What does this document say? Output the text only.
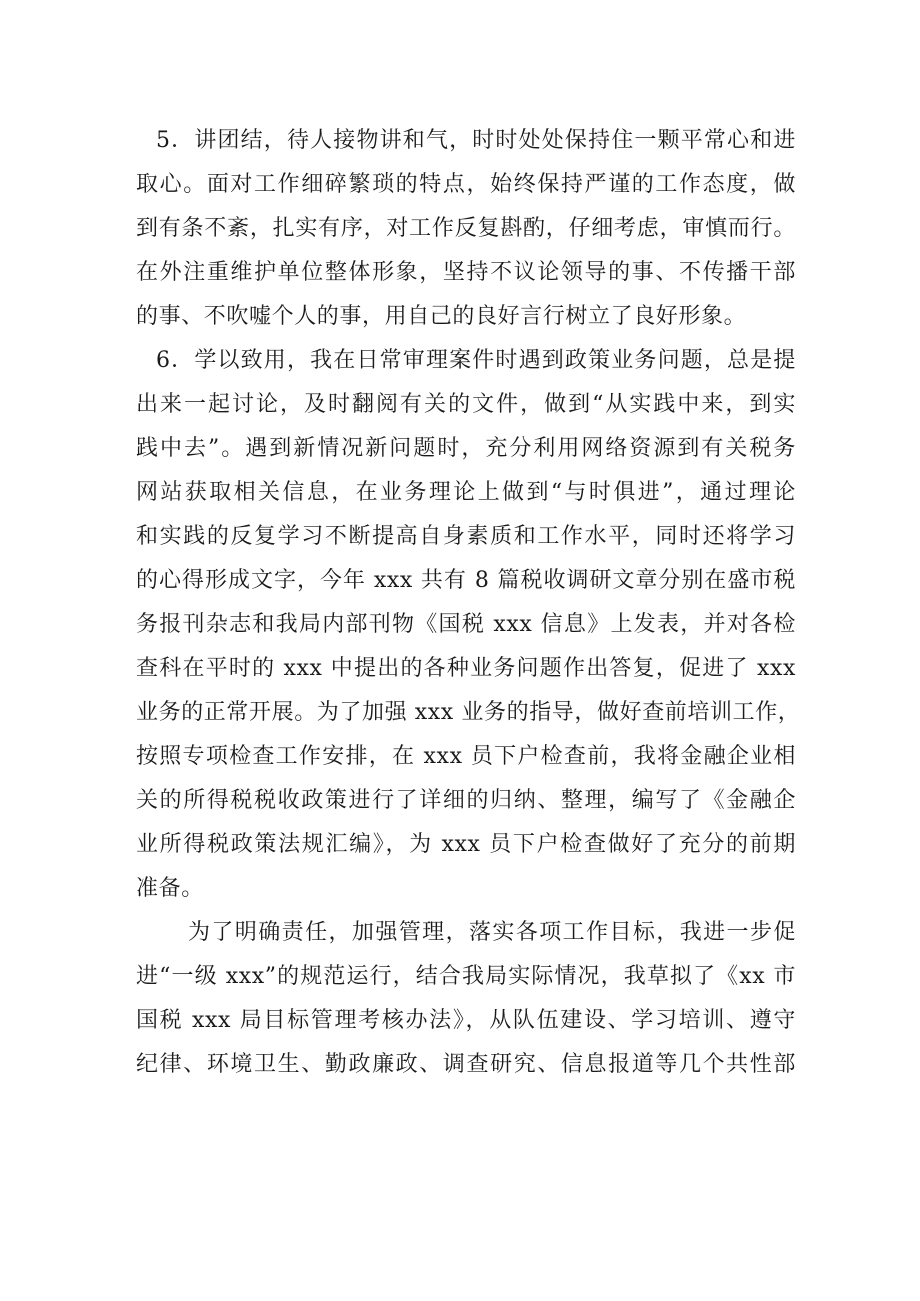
5．讲团结，待人接物讲和气，时时处处保持住一颗平常心和进
取心。面对工作细碎繁琐的特点，始终保持严谨的工作态度，做
到有条不紊，扎实有序，对工作反复斟酌，仔细考虑，审慎而行。
在外注重维护单位整体形象，坚持不议论领导的事、不传播干部
的事、不吹嘘个人的事，用自己的良好言行树立了良好形象。
6．学以致用，我在日常审理案件时遇到政策业务问题，总是提
出来一起讨论，及时翻阅有关的文件，做到“从实践中来，到实
践中去”。遇到新情况新问题时，充分利用网络资源到有关税务
网站获取相关信息，在业务理论上做到“与时俱进”，通过理论
和实践的反复学习不断提高自身素质和工作水平，同时还将学习
的心得形成文字，今年 xxx 共有 8 篇税收调研文章分别在盛市税
务报刊杂志和我局内部刊物《国税 xxx 信息》上发表，并对各检
查科在平时的 xxx 中提出的各种业务问题作出答复，促进了 xxx
业务的正常开展。为了加强 xxx 业务的指导，做好查前培训工作，
按照专项检查工作安排，在 xxx 员下户检查前，我将金融企业相
关的所得税税收政策进行了详细的归纳、整理，编写了《金融企
业所得税政策法规汇编》，为 xxx 员下户检查做好了充分的前期
准备。
为了明确责任，加强管理，落实各项工作目标，我进一步促
进“一级 xxx”的规范运行，结合我局实际情况，我草拟了《xx 市
国税 xxx 局目标管理考核办法》，从队伍建设、学习培训、遵守
纪律、环境卫生、勤政廉政、调查研究、信息报道等几个共性部
